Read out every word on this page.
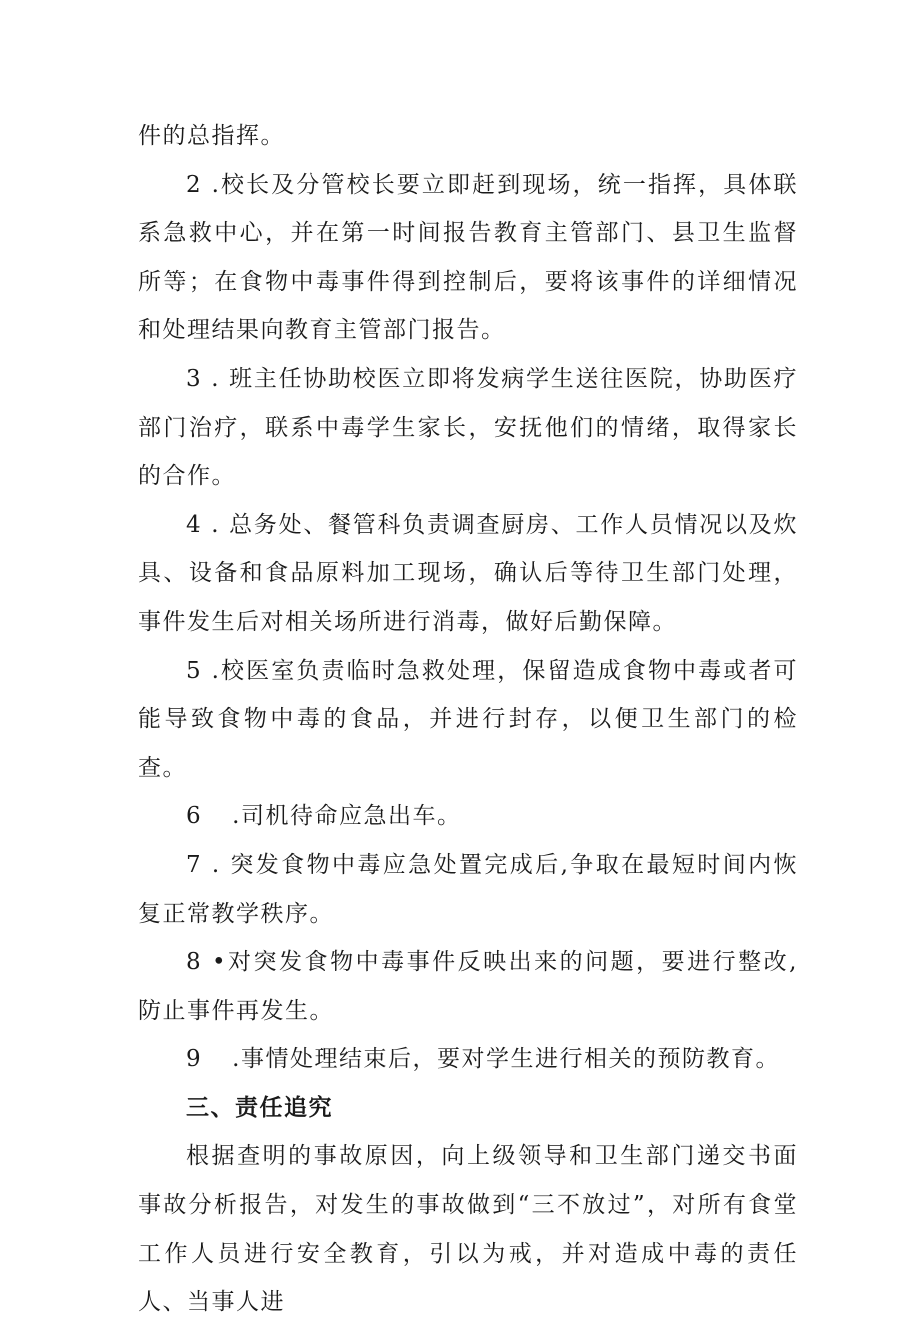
件的总指挥。

2 .校长及分管校长要立即赶到现场，统一指挥，具体联系急救中心，并在第一时间报告教育主管部门、县卫生监督所等；在食物中毒事件得到控制后，要将该事件的详细情况和处理结果向教育主管部门报告。

3 . 班主任协助校医立即将发病学生送往医院，协助医疗部门治疗，联系中毒学生家长，安抚他们的情绪，取得家长的合作。

4 . 总务处、餐管科负责调查厨房、工作人员情况以及炊具、设备和食品原料加工现场，确认后等待卫生部门处理，事件发生后对相关场所进行消毒，做好后勤保障。

5 .校医室负责临时急救处理，保留造成食物中毒或者可能导致食物中毒的食品，并进行封存，以便卫生部门的检查。

6 .司机待命应急出车。

7 . 突发食物中毒应急处置完成后,争取在最短时间内恢复正常教学秩序。

8 •对突发食物中毒事件反映出来的问题，要进行整改,防止事件再发生。

9 .事情处理结束后，要对学生进行相关的预防教育。

三、责任追究

根据查明的事故原因，向上级领导和卫生部门递交书面事故分析报告，对发生的事故做到“三不放过”，对所有食堂工作人员进行安全教育，引以为戒，并对造成中毒的责任人、当事人进
